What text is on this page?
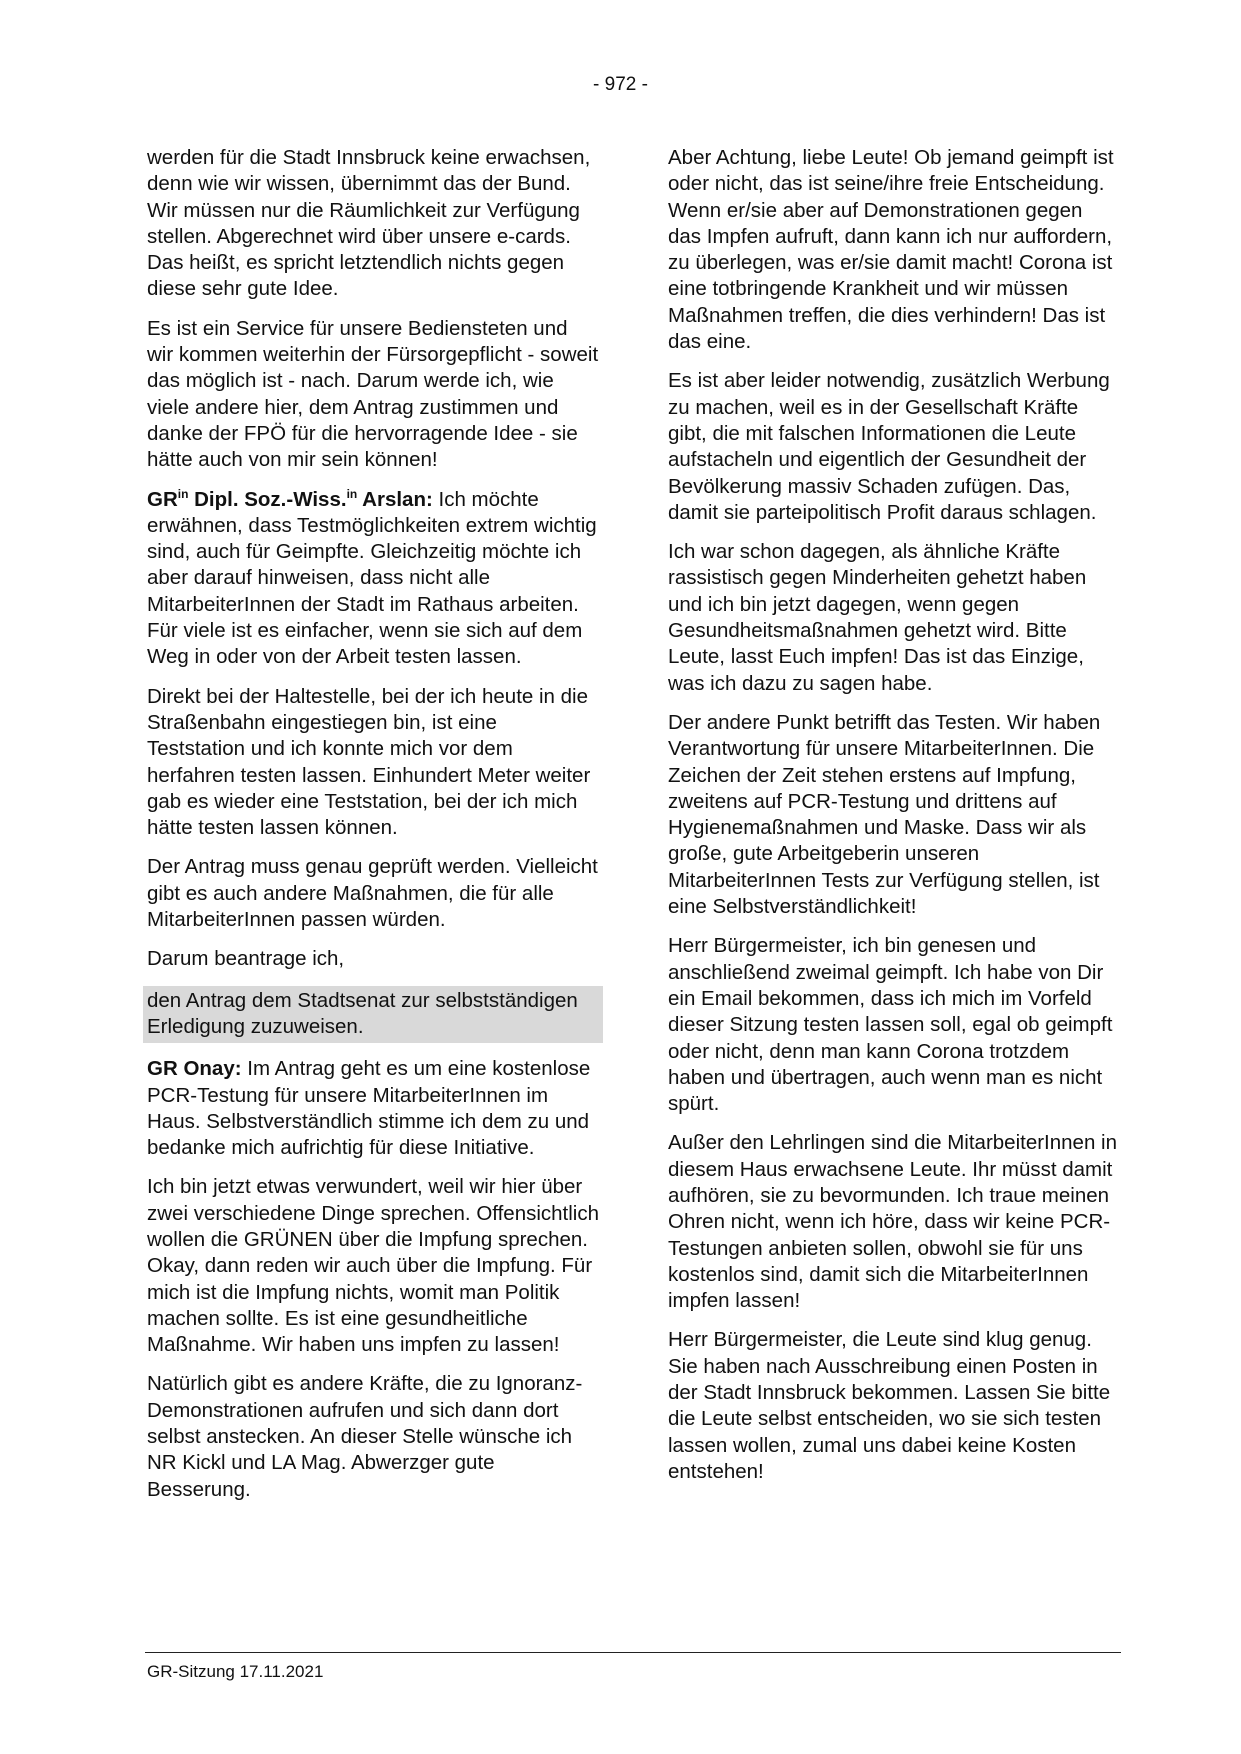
- 972 -

werden für die Stadt Innsbruck keine erwachsen, denn wie wir wissen, übernimmt das der Bund. Wir müssen nur die Räumlichkeit zur Verfügung stellen. Abgerechnet wird über unsere e-cards. Das heißt, es spricht letztendlich nichts gegen diese sehr gute Idee.

Es ist ein Service für unsere Bediensteten und wir kommen weiterhin der Fürsorgepflicht - soweit das möglich ist - nach. Darum werde ich, wie viele andere hier, dem Antrag zustimmen und danke der FPÖ für die hervorragende Idee - sie hätte auch von mir sein können!

$GR^{in}$ Dipl. Soz.-Wiss.$^{in}$ Arslan: Ich möchte erwähnen, dass Testmöglichkeiten extrem wichtig sind, auch für Geimpfte. Gleichzeitig möchte ich aber darauf hinweisen, dass nicht alle MitarbeiterInnen der Stadt im Rathaus arbeiten. Für viele ist es einfacher, wenn sie sich auf dem Weg in oder von der Arbeit testen lassen.

Direkt bei der Haltestelle, bei der ich heute in die Straßenbahn eingestiegen bin, ist eine Teststation und ich konnte mich vor dem herfahren testen lassen. Einhundert Meter weiter gab es wieder eine Teststation, bei der ich mich hätte testen lassen können.

Der Antrag muss genau geprüft werden. Vielleicht gibt es auch andere Maßnahmen, die für alle MitarbeiterInnen passen würden.

Darum beantrage ich,

den Antrag dem Stadtsenat zur selbstständigen Erledigung zuzuweisen.

GR Onay: Im Antrag geht es um eine kostenlose PCR-Testung für unsere MitarbeiterInnen im Haus. Selbstverständlich stimme ich dem zu und bedanke mich aufrichtig für diese Initiative.

Ich bin jetzt etwas verwundert, weil wir hier über zwei verschiedene Dinge sprechen. Offensichtlich wollen die GRÜNEN über die Impfung sprechen. Okay, dann reden wir auch über die Impfung. Für mich ist die Impfung nichts, womit man Politik machen sollte. Es ist eine gesundheitliche Maßnahme. Wir haben uns impfen zu lassen!

Natürlich gibt es andere Kräfte, die zu Ignoranz-Demonstrationen aufrufen und sich dann dort selbst anstecken. An dieser Stelle wünsche ich NR Kickl und LA Mag. Abwerzger gute Besserung.

Aber Achtung, liebe Leute! Ob jemand geimpft ist oder nicht, das ist seine/ihre freie Entscheidung. Wenn er/sie aber auf Demonstrationen gegen das Impfen aufruft, dann kann ich nur auffordern, zu überlegen, was er/sie damit macht! Corona ist eine totbringende Krankheit und wir müssen Maßnahmen treffen, die dies verhindern! Das ist das eine.

Es ist aber leider notwendig, zusätzlich Werbung zu machen, weil es in der Gesellschaft Kräfte gibt, die mit falschen Informationen die Leute aufstacheln und eigentlich der Gesundheit der Bevölkerung massiv Schaden zufügen. Das, damit sie parteipolitisch Profit daraus schlagen.

Ich war schon dagegen, als ähnliche Kräfte rassistisch gegen Minderheiten gehetzt haben und ich bin jetzt dagegen, wenn gegen Gesundheitsmaßnahmen gehetzt wird. Bitte Leute, lasst Euch impfen! Das ist das Einzige, was ich dazu zu sagen habe.

Der andere Punkt betrifft das Testen. Wir haben Verantwortung für unsere MitarbeiterInnen. Die Zeichen der Zeit stehen erstens auf Impfung, zweitens auf PCR-Testung und drittens auf Hygienemaßnahmen und Maske. Dass wir als große, gute Arbeitgeberin unseren MitarbeiterInnen Tests zur Verfügung stellen, ist eine Selbstverständlichkeit!

Herr Bürgermeister, ich bin genesen und anschließend zweimal geimpft. Ich habe von Dir ein Email bekommen, dass ich mich im Vorfeld dieser Sitzung testen lassen soll, egal ob geimpft oder nicht, denn man kann Corona trotzdem haben und übertragen, auch wenn man es nicht spürt.

Außer den Lehrlingen sind die MitarbeiterInnen in diesem Haus erwachsene Leute. Ihr müsst damit aufhören, sie zu bevormunden. Ich traue meinen Ohren nicht, wenn ich höre, dass wir keine PCR-Testungen anbieten sollen, obwohl sie für uns kostenlos sind, damit sich die MitarbeiterInnen impfen lassen!

Herr Bürgermeister, die Leute sind klug genug. Sie haben nach Ausschreibung einen Posten in der Stadt Innsbruck bekommen. Lassen Sie bitte die Leute selbst entscheiden, wo sie sich testen lassen wollen, zumal uns dabei keine Kosten entstehen!

GR-Sitzung 17.11.2021
